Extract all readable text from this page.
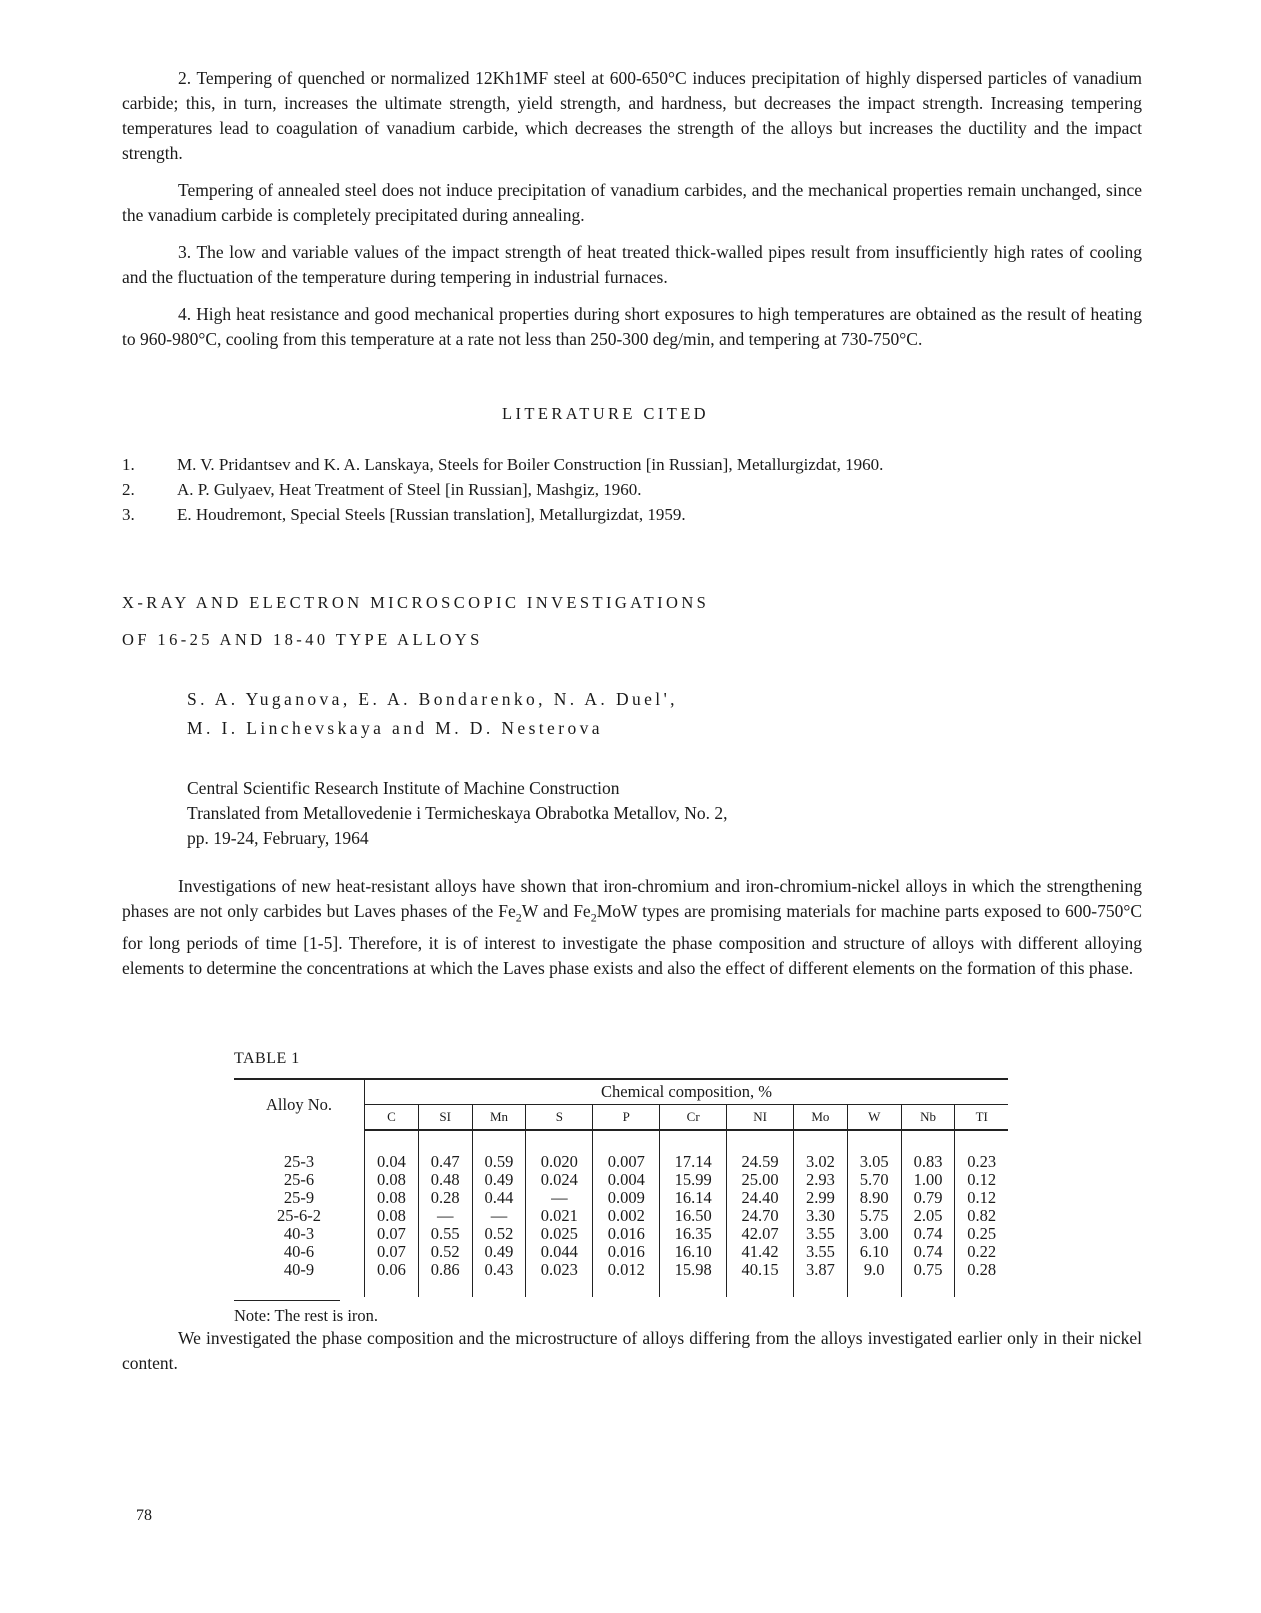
2. Tempering of quenched or normalized 12Kh1MF steel at 600-650°C induces precipitation of highly dispersed particles of vanadium carbide; this, in turn, increases the ultimate strength, yield strength, and hardness, but decreases the impact strength. Increasing tempering temperatures lead to coagulation of vanadium carbide, which decreases the strength of the alloys but increases the ductility and the impact strength.

Tempering of annealed steel does not induce precipitation of vanadium carbides, and the mechanical properties remain unchanged, since the vanadium carbide is completely precipitated during annealing.

3. The low and variable values of the impact strength of heat treated thick-walled pipes result from insufficiently high rates of cooling and the fluctuation of the temperature during tempering in industrial furnaces.

4. High heat resistance and good mechanical properties during short exposures to high temperatures are obtained as the result of heating to 960-980°C, cooling from this temperature at a rate not less than 250-300 deg/min, and tempering at 730-750°C.

LITERATURE CITED

1. M. V. Pridantsev and K. A. Lanskaya, Steels for Boiler Construction [in Russian], Metallurgizdat, 1960.
2. A. P. Gulyaev, Heat Treatment of Steel [in Russian], Mashgiz, 1960.
3. E. Houdremont, Special Steels [Russian translation], Metallurgizdat, 1959.

X-RAY AND ELECTRON MICROSCOPIC INVESTIGATIONS

OF 16-25 AND 18-40 TYPE ALLOYS

S. A. Yuganova, E. A. Bondarenko, N. A. Duel',
M. I. Linchevskaya and M. D. Nesterova
Central Scientific Research Institute of Machine Construction
Translated from Metallovedenie i Termicheskaya Obrabotka Metallov, No. 2,
pp. 19-24, February, 1964

Investigations of new heat-resistant alloys have shown that iron-chromium and iron-chromium-nickel alloys in which the strengthening phases are not only carbides but Laves phases of the $Fe_2W$ and $Fe_2MoW$ types are promising materials for machine parts exposed to 600-750°C for long periods of time [1-5]. Therefore, it is of interest to investigate the phase composition and structure of alloys with different alloying elements to determine the concentrations at which the Laves phase exists and also the effect of different elements on the formation of this phase.

TABLE 1

Alloy No.	Chemical composition, %										
	C	SI	Mn	S	P	Cr	NI	Mo	W	Nb	TI

25-3	0.04	0.47	0.59	0.020	0.007	17.14	24.59	3.02	3.05	0.83	0.23
25-6	0.08	0.48	0.49	0.024	0.004	15.99	25.00	2.93	5.70	1.00	0.12
25-9	0.08	0.28	0.44	—	0.009	16.14	24.40	2.99	8.90	0.79	0.12
25-6-2	0.08	—	—	0.021	0.002	16.50	24.70	3.30	5.75	2.05	0.82
40-3	0.07	0.55	0.52	0.025	0.016	16.35	42.07	3.55	3.00	0.74	0.25
40-6	0.07	0.52	0.49	0.044	0.016	16.10	41.42	3.55	6.10	0.74	0.22
40-9	0.06	0.86	0.43	0.023	0.012	15.98	40.15	3.87	9.0	0.75	0.28

Note: The rest is iron.

We investigated the phase composition and the microstructure of alloys differing from the alloys investigated earlier only in their nickel content.

78
